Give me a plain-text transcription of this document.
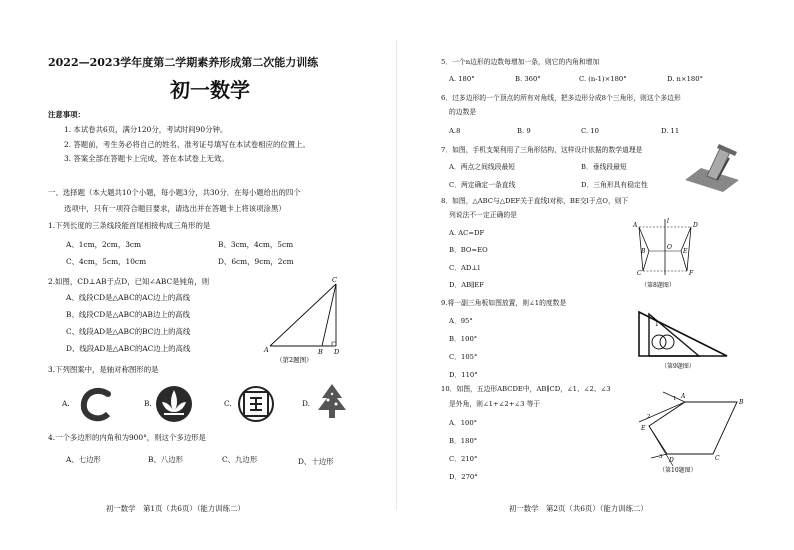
2022—2023学年度第二学期素养形成第二次能力训练
初一数学
注意事项：
1. 本试卷共6页，满分120分，考试时间90分钟。
2. 答题前，考生务必将自己的姓名、准考证号填写在本试卷相应的位置上。
3. 答案全部在答题卡上完成，答在本试卷上无效。
一、选择题（本大题共10个小题，每小题3分，共30分．在每小题给出的四个
选项中，只有一项符合题目要求，请选出并在答题卡上将该项涂黑）
1.下列长度的三条线段能首尾相接构成三角形的是
A、1cm，2cm，3cm	B、3cm，4cm，5cm
C、4cm，5cm，10cm	D、6cm，9cm，2cm
2.如图，CD⊥AB于点D，已知∠ABC是钝角，则
A、线段CD是△ABC的AC边上的高线
B、线段CD是△ABC的AB边上的高线
C、线段AD是△ABC的BC边上的高线
D、线段AD是△ABC的AC边上的高线	A	B D
C
（第2题图）
3.下列图案中，是轴对称图形的是
A.	B.	C.	D.
4.一个多边形的内角和为900°，则这个多边形是
A、七边形	B、八边形	C、九边形	D、十边形
初一数学　第1页（共6页）（能力训练二）
5．一个n边形的边数每增加一条，则它的内角和增加
A. 180°	B. 360°	C. (n-1)×180°	D. n×180°
6．过多边形的一个顶点的所有对角线，把多边形分成8个三角形，则这个多边形
的边数是
A.8	B. 9	C. 10	D. 11
7．如图，手机支架利用了三角形结构，这样设计依据的数学道理是
A．两点之间线段最短	B．垂线段最短
C．两定确定一条直线	D．三角形具有稳定性
8．如图，△ABC与△DEF关于直线l对称，BE交l于点O，则下
列说法不一定正确的是
A. AC=DF
B．BO=EO
C．AD⊥l
D．AB∥EF
A	D
B	E
O
C	F
l
（第8题图）
9.将一副三角板如图放置，则∠1的度数是
A．95°
B．100°
C．105°
D．110°
1
（第9题图）
10．如图，五边形ABCDE中，AB∥CD，∠1、∠2、∠3
是外角，则∠1+∠2+∠3 等于
A．100°
B．180°
C．210°
D．270°
A
B
C
D
E
1
2
3
（第10题图）
初一数学　第2页（共6页）（能力训练二）
